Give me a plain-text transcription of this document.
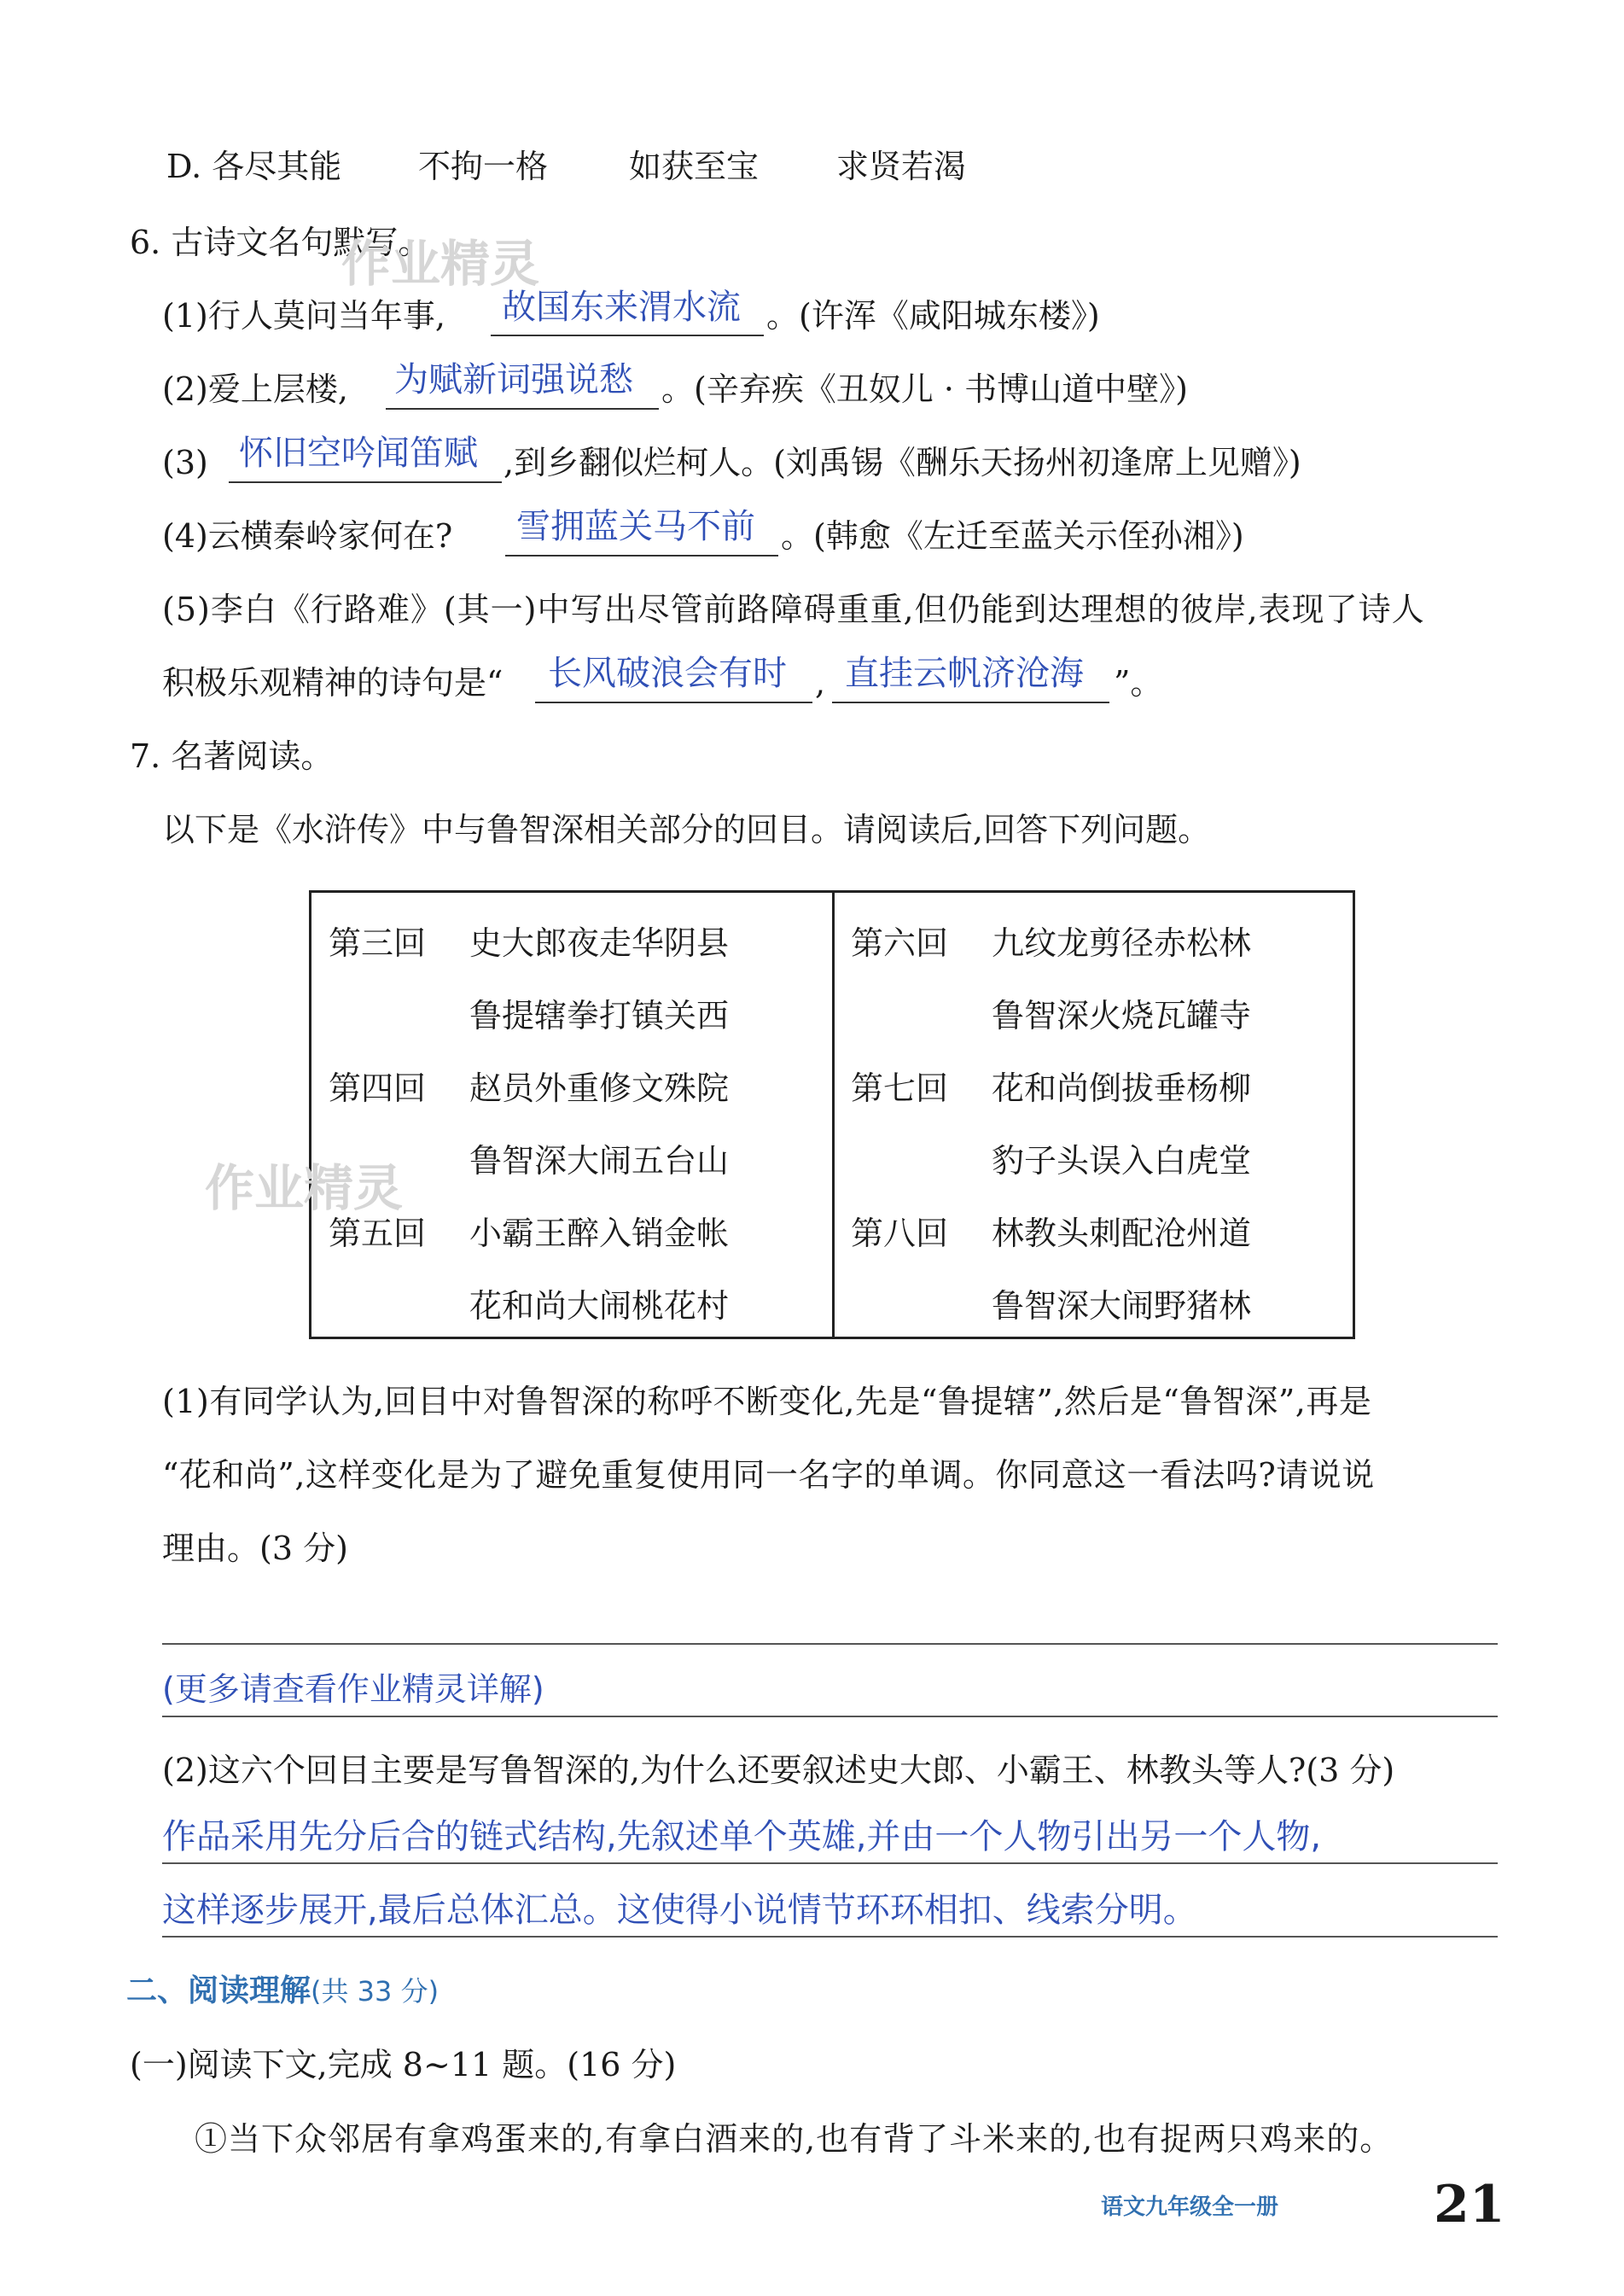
D. 各尽其能 不拘一格 如获至宝 求贤若渴
6. 古诗文名句默写。
(1)行人莫问当年事, 故国东来渭水流 。(许浑《咸阳城东楼》)
(2)爱上层楼, 为赋新词强说愁 。(辛弃疾《丑奴儿 · 书博山道中壁》)
(3) 怀旧空吟闻笛赋 ,到乡翻似烂柯人。(刘禹锡《酬乐天扬州初逢席上见赠》)
(4)云横秦岭家何在? 雪拥蓝关马不前 。(韩愈《左迁至蓝关示侄孙湘》)
(5)李白《行路难》(其一)中写出尽管前路障碍重重,但仍能到达理想的彼岸,表现了诗人
积极乐观精神的诗句是“ 长风破浪会有时 , 直挂云帆济沧海 ”。
7. 名著阅读。
以下是《水浒传》中与鲁智深相关部分的回目。请阅读后,回答下列问题。
第三回 史大郎夜走华阴县
鲁提辖拳打镇关西
第四回 赵员外重修文殊院
鲁智深大闹五台山
第五回 小霸王醉入销金帐
花和尚大闹桃花村
第六回 九纹龙剪径赤松林
鲁智深火烧瓦罐寺
第七回 花和尚倒拔垂杨柳
豹子头误入白虎堂
第八回 林教头刺配沧州道
鲁智深大闹野猪林
(1)有同学认为,回目中对鲁智深的称呼不断变化,先是“鲁提辖”,然后是“鲁智深”,再是
“花和尚”,这样变化是为了避免重复使用同一名字的单调。你同意这一看法吗?请说说
理由。(3 分)
(更多请查看作业精灵详解)
(2)这六个回目主要是写鲁智深的,为什么还要叙述史大郎、小霸王、林教头等人?(3 分)
作品采用先分后合的链式结构,先叙述单个英雄,并由一个人物引出另一个人物,
这样逐步展开,最后总体汇总。这使得小说情节环环相扣、线索分明。
二、阅读理解(共 33 分)
(一)阅读下文,完成 8~11 题。(16 分)
①当下众邻居有拿鸡蛋来的,有拿白酒来的,也有背了斗米来的,也有捉两只鸡来的。
作业精灵
作业精灵
语文九年级全一册	21
